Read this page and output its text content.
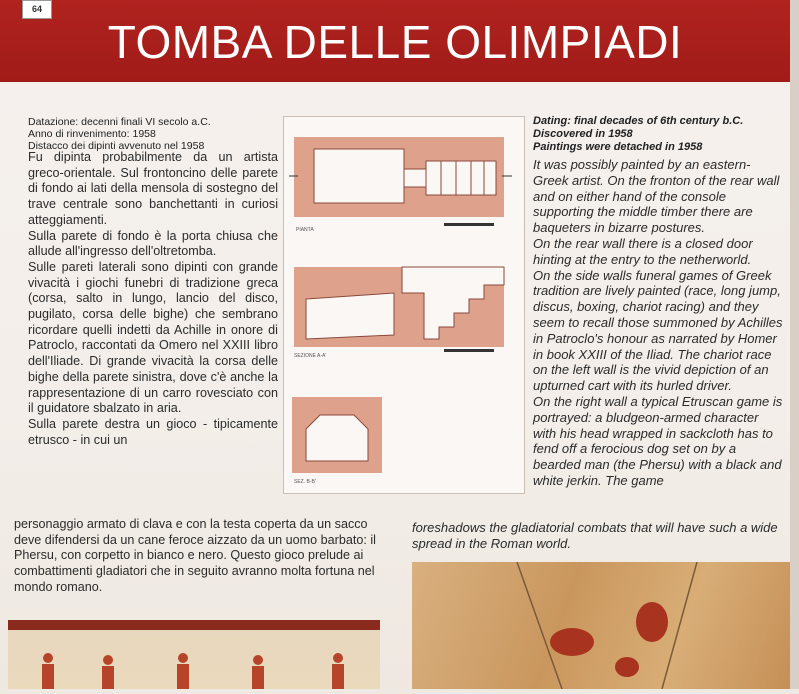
64
TOMBA DELLE OLIMPIADI
Datazione: decenni finali VI secolo a.C.
Anno di rinvenimento: 1958
Distacco dei dipinti avvenuto nel 1958

Fu dipinta probabilmente da un artista greco-orientale. Sul frontoncino delle parete di fondo ai lati della mensola di sostegno del trave centrale sono banchettanti in curiosi atteggiamenti.

Sulla parete di fondo è la porta chiusa che allude all'ingresso dell'oltretomba.

Sulle pareti laterali sono dipinti con grande vivacità i giochi funebri di tradizione greca (corsa, salto in lungo, lancio del disco, pugilato, corsa delle bighe) che sembrano ricordare quelli indetti da Achille in onore di Patroclo, raccontati da Omero nel XXIII libro dell'Iliade. Di grande vivacità la corsa delle bighe della parete sinistra, dove c'è anche la rappresentazione di un carro rovesciato con il guidatore sbalzato in aria.

Sulla parete destra un gioco - tipicamente etrusco - in cui un

personaggio armato di clava e con la testa coperta da un sacco deve difendersi da un cane feroce aizzato da un uomo barbato: il Phersu, con corpetto in bianco e nero. Questo gioco prelude ai combattimenti gladiatori che in seguito avranno molta fortuna nel mondo romano.

PIANTA
SEZIONE A-A'
SEZ. B-B'
Dating: final decades of 6th century b.C.
Discovered in 1958
Paintings were detached in 1958

It was possibly painted by an eastern-Greek artist. On the fronton of the rear wall and on either hand of the console supporting the middle timber there are baqueters in bizarre postures.

On the rear wall there is a closed door hinting at the entry to the netherworld.

On the side walls funeral games of Greek tradition are lively painted (race, long jump, discus, boxing, chariot racing) and they seem to recall those summoned by Achilles in Patroclo's honour as narrated by Homer in book XXIII of the Iliad. The chariot race on the left wall is the vivid depiction of an upturned cart with its hurled driver.

On the right wall a typical Etruscan game is portrayed: a bludgeon-armed character with his head wrapped in sackcloth has to fend off a ferocious dog set on by a bearded man (the Phersu) with a black and white jerkin. The game

foreshadows the gladiatorial combats that will have such a wide spread in the Roman world.
